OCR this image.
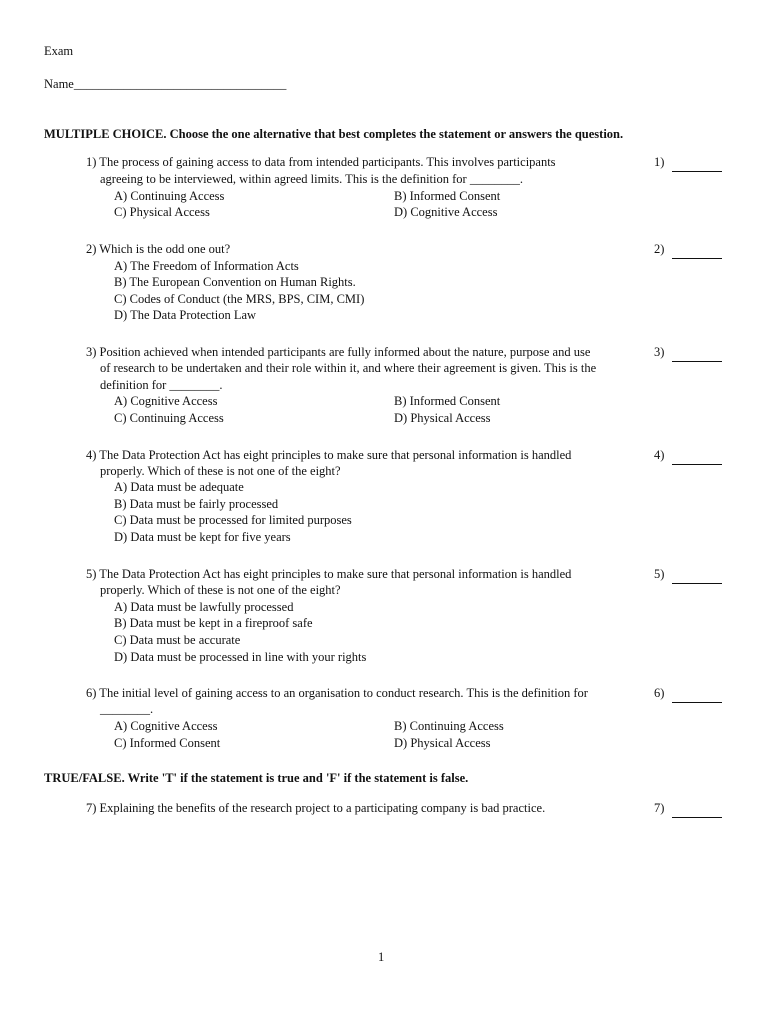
Exam
Name__________________________________
MULTIPLE CHOICE. Choose the one alternative that best completes the statement or answers the question.
1) The process of gaining access to data from intended participants. This involves participants
agreeing to be interviewed, within agreed limits. This is the definition for ________.
1)
A) Continuing Access	B) Informed Consent
C) Physical Access	D) Cognitive Access
2) Which is the odd one out?	2)
A) The Freedom of Information Acts
B) The European Convention on Human Rights.
C) Codes of Conduct (the MRS, BPS, CIM, CMI)
D) The Data Protection Law
3) Position achieved when intended participants are fully informed about the nature, purpose and use
of research to be undertaken and their role within it, and where their agreement is given. This is the
definition for ________.
3)
A) Cognitive Access	B) Informed Consent
C) Continuing Access	D) Physical Access
4) The Data Protection Act has eight principles to make sure that personal information is handled
properly. Which of these is not one of the eight?
4)
A) Data must be adequate
B) Data must be fairly processed
C) Data must be processed for limited purposes
D) Data must be kept for five years
5) The Data Protection Act has eight principles to make sure that personal information is handled
properly. Which of these is not one of the eight?
5)
A) Data must be lawfully processed
B) Data must be kept in a fireproof safe
C) Data must be accurate
D) Data must be processed in line with your rights
6) The initial level of gaining access to an organisation to conduct research. This is the definition for
________.
6)
A) Cognitive Access	B) Continuing Access
C) Informed Consent	D) Physical Access
TRUE/FALSE. Write 'T' if the statement is true and 'F' if the statement is false.
7) Explaining the benefits of the research project to a participating company is bad practice.	7)
1
